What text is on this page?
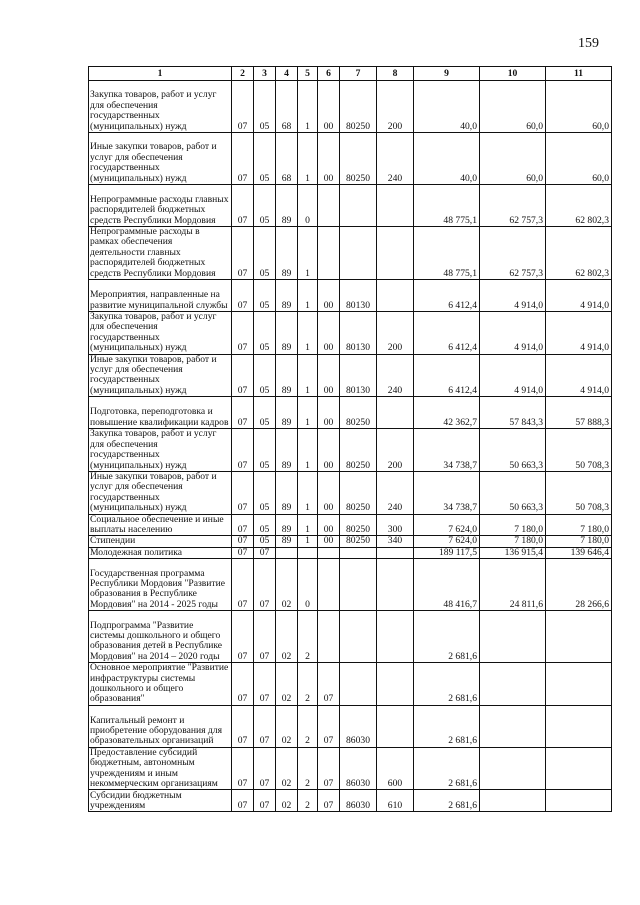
159
1	2	3	4	5	6	7	8	9	10	11
Закупка товаров, работ и услуг для обеспечения государственных (муниципальных) нужд	07	05	68	1	00	80250	200	40,0	60,0	60,0
Иные закупки товаров, работ и услуг для обеспечения государственных (муниципальных) нужд	07	05	68	1	00	80250	240	40,0	60,0	60,0
Непрограммные расходы главных распорядителей бюджетных средств Республики Мордовия	07	05	89	0				48 775,1	62 757,3	62 802,3
Непрограммные расходы в рамках обеспечения деятельности главных распорядителей бюджетных средств Республики Мордовия	07	05	89	1				48 775,1	62 757,3	62 802,3
Мероприятия, направленные на развитие муниципальной службы	07	05	89	1	00	80130		6 412,4	4 914,0	4 914,0
Закупка товаров, работ и услуг для обеспечения государственных (муниципальных) нужд	07	05	89	1	00	80130	200	6 412,4	4 914,0	4 914,0
Иные закупки товаров, работ и услуг для обеспечения государственных (муниципальных) нужд	07	05	89	1	00	80130	240	6 412,4	4 914,0	4 914,0
Подготовка, переподготовка и повышение квалификации кадров	07	05	89	1	00	80250		42 362,7	57 843,3	57 888,3
Закупка товаров, работ и услуг для обеспечения государственных (муниципальных) нужд	07	05	89	1	00	80250	200	34 738,7	50 663,3	50 708,3
Иные закупки товаров, работ и услуг для обеспечения государственных (муниципальных) нужд	07	05	89	1	00	80250	240	34 738,7	50 663,3	50 708,3
Социальное обеспечение и иные выплаты населению	07	05	89	1	00	80250	300	7 624,0	7 180,0	7 180,0
Стипендии	07	05	89	1	00	80250	340	7 624,0	7 180,0	7 180,0
Молодежная политика	07	07						189 117,5	136 915,4	139 646,4
Государственная программа Республики Мордовия "Развитие образования в Республике Мордовия" на 2014 - 2025 годы	07	07	02	0				48 416,7	24 811,6	28 266,6
Подпрограмма "Развитие системы дошкольного и общего образования детей в Республике Мордовия" на 2014 – 2020 годы	07	07	02	2				2 681,6		
Основное мероприятие "Развитие инфраструктуры системы дошкольного и общего образования"	07	07	02	2	07			2 681,6		
Капитальный ремонт и приобретение оборудования для образовательных организаций	07	07	02	2	07	86030		2 681,6		
Предоставление субсидий бюджетным, автономным учреждениям и иным некоммерческим организациям	07	07	02	2	07	86030	600	2 681,6		
Субсидии бюджетным учреждениям	07	07	02	2	07	86030	610	2 681,6		
